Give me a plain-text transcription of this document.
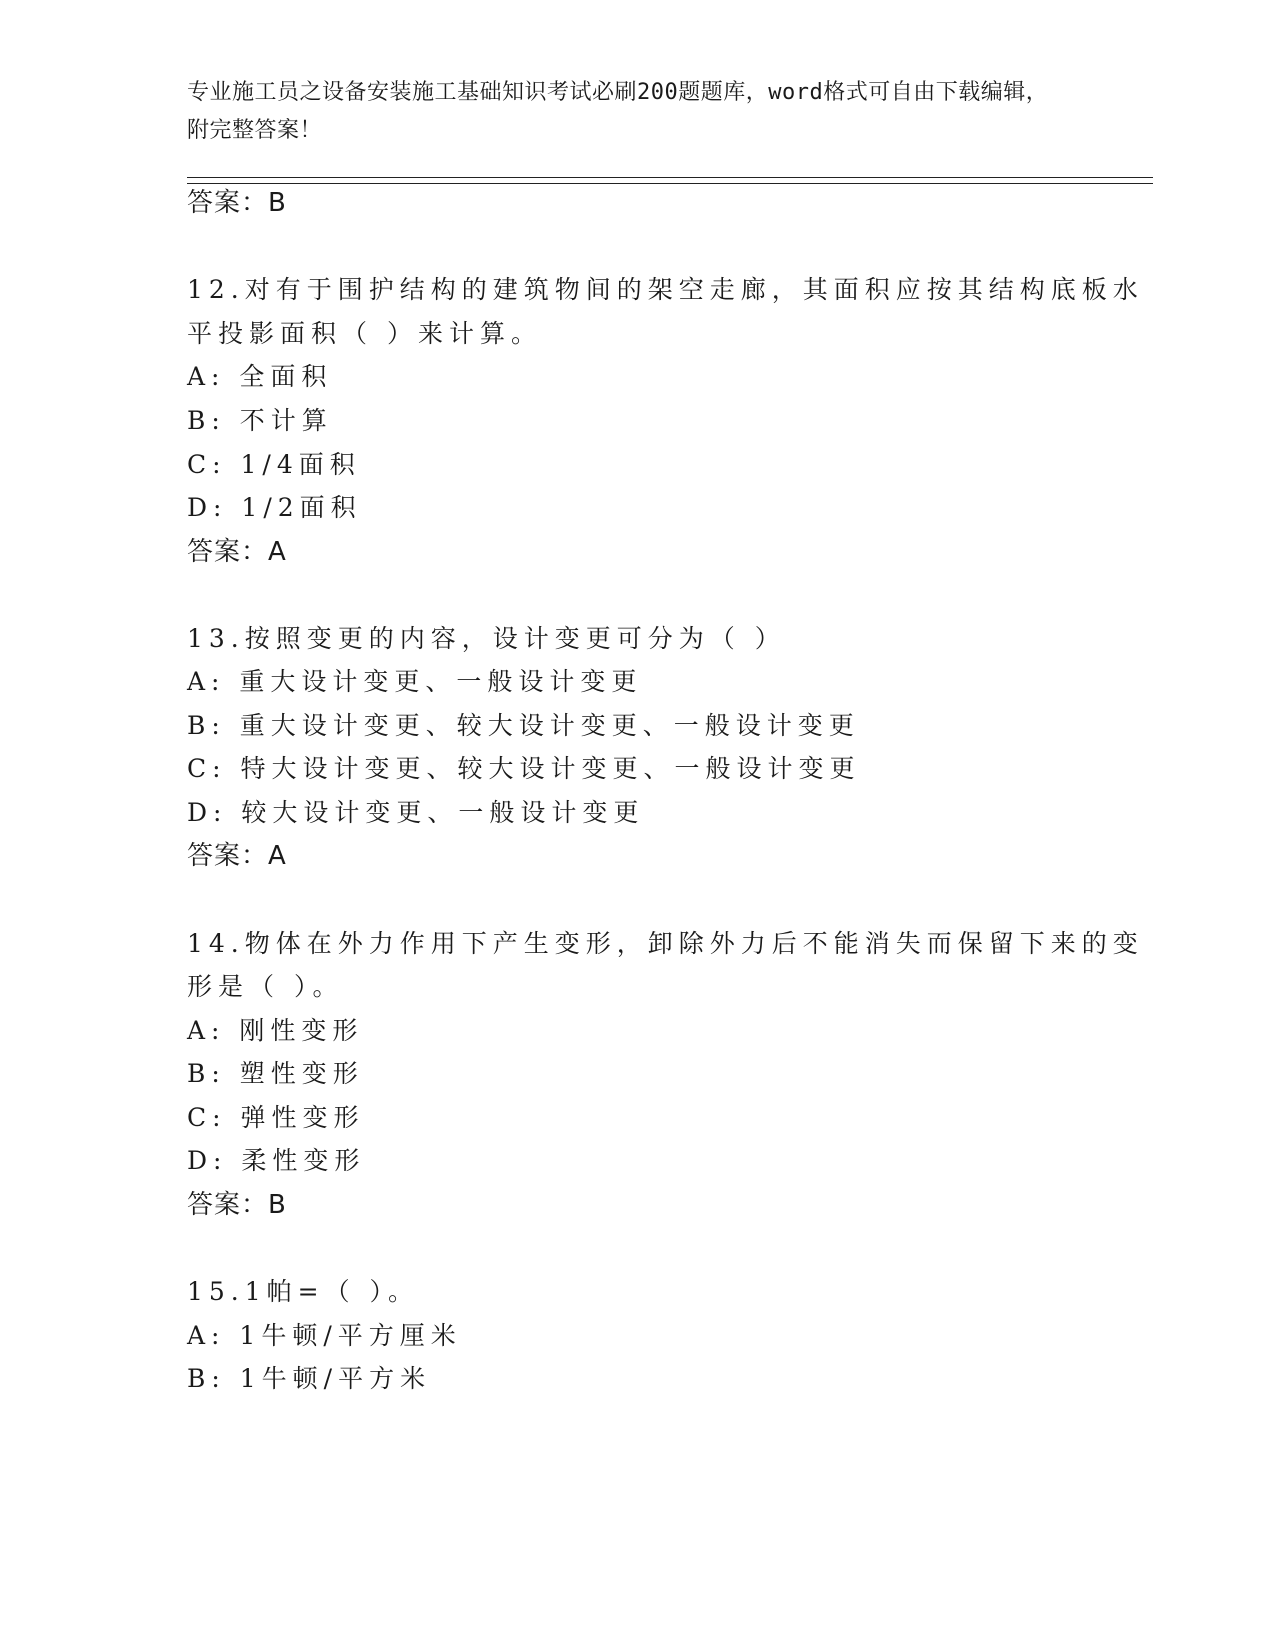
专业施工员之设备安装施工基础知识考试必刷200题题库，word格式可自由下载编辑，附完整答案！
答案：B
12.对有于围护结构的建筑物间的架空走廊，其面积应按其结构底板水
平投影面积（ ）来计算。
A: 全面积
B: 不计算
C: 1/4面积
D: 1/2面积
答案：A
13.按照变更的内容，设计变更可分为（ ）
A: 重大设计变更、一般设计变更
B: 重大设计变更、较大设计变更、一般设计变更
C: 特大设计变更、较大设计变更、一般设计变更
D: 较大设计变更、一般设计变更
答案：A
14.物体在外力作用下产生变形，卸除外力后不能消失而保留下来的变
形是（ ）。
A: 刚性变形
B: 塑性变形
C: 弹性变形
D: 柔性变形
答案：B
15.1帕=（ ）。
A: 1牛顿/平方厘米
B: 1牛顿/平方米
